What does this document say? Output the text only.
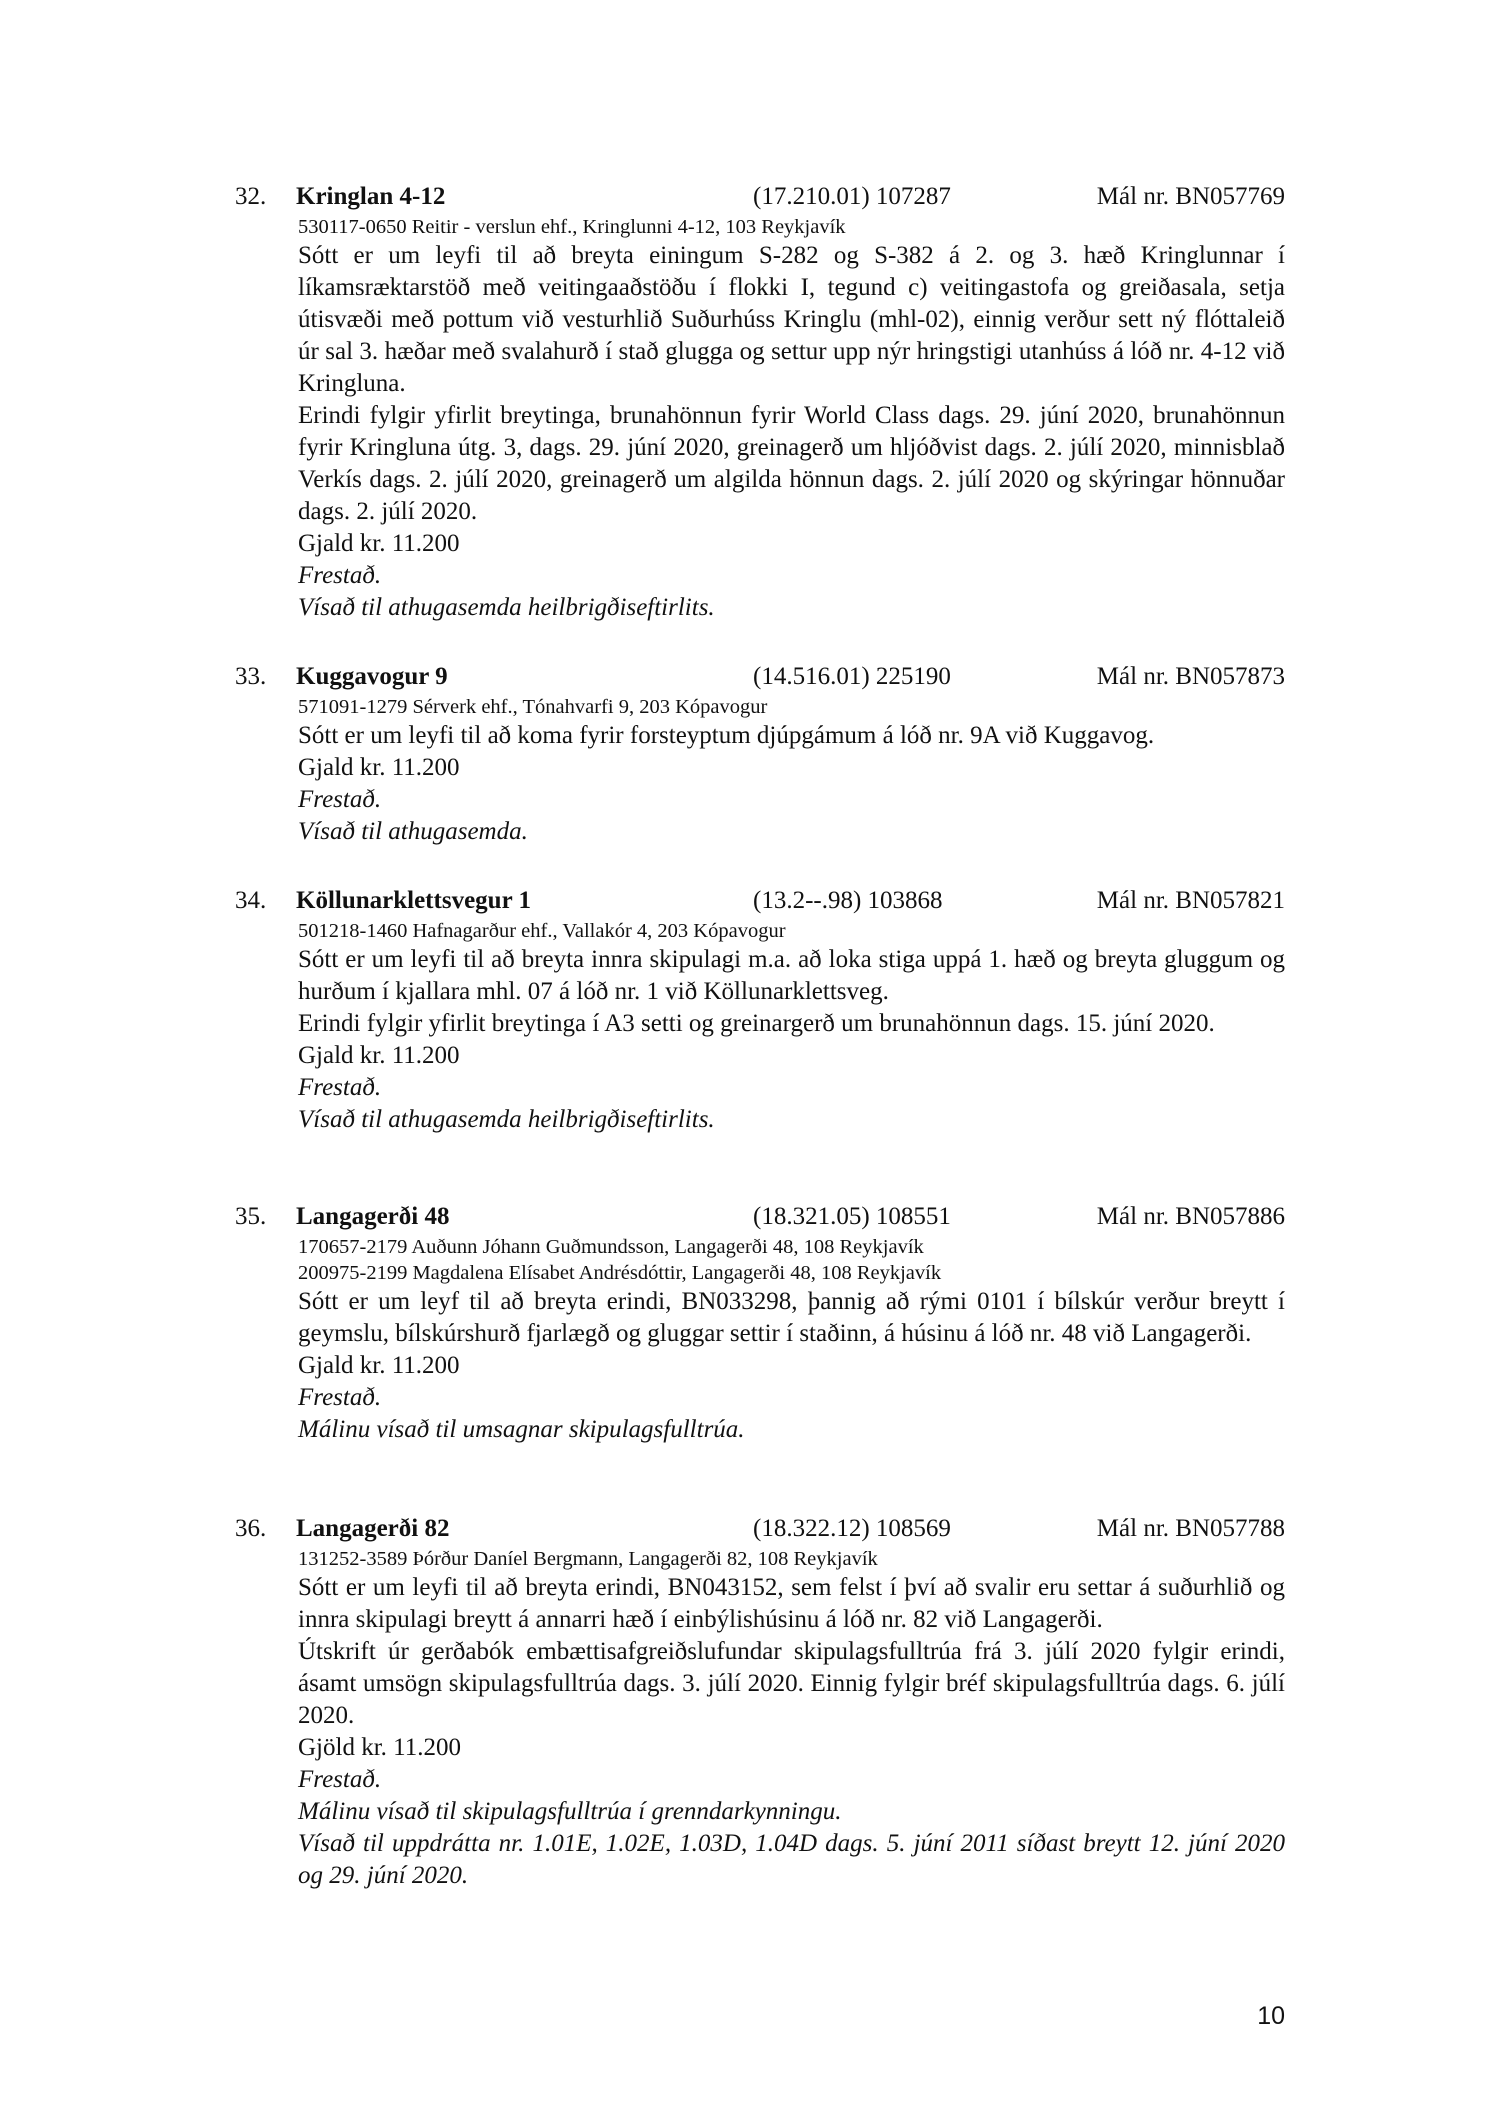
32. Kringlan 4-12	(17.210.01) 107287	Mál nr. BN057769
530117-0650 Reitir - verslun ehf., Kringlunni 4-12, 103 Reykjavík

Sótt er um leyfi til að breyta einingum S-282 og S-382 á 2. og 3. hæð Kringlunnar í líkamsræktarstöð með veitingaaðstöðu í flokki I, tegund c) veitingastofa og greiðasala, setja útisvæði með pottum við vesturhlið Suðurhúss Kringlu (mhl-02), einnig verður sett ný flóttaleið úr sal 3. hæðar með svalahurð í stað glugga og settur upp nýr hringstigi utanhúss á lóð nr. 4-12 við Kringluna.

Erindi fylgir yfirlit breytinga, brunahönnun fyrir World Class dags. 29. júní 2020, brunahönnun fyrir Kringluna útg. 3, dags. 29. júní 2020, greinagerð um hljóðvist dags. 2. júlí 2020, minnisblað Verkís dags. 2. júlí 2020, greinagerð um algilda hönnun dags. 2. júlí 2020 og skýringar hönnuðar dags. 2. júlí 2020.

Gjald kr. 11.200

Frestað.

Vísað til athugasemda heilbrigðiseftirlits.

33. Kuggavogur 9	(14.516.01) 225190	Mál nr. BN057873
571091-1279 Sérverk ehf., Tónahvarfi 9, 203 Kópavogur

Sótt er um leyfi til að koma fyrir forsteyptum djúpgámum á lóð nr. 9A við Kuggavog.

Gjald kr. 11.200

Frestað.

Vísað til athugasemda.

34. Köllunarklettsvegur 1	(13.2--.98) 103868	Mál nr. BN057821
501218-1460 Hafnagarður ehf., Vallakór 4, 203 Kópavogur

Sótt er um leyfi til að breyta innra skipulagi m.a. að loka stiga uppá 1. hæð og breyta gluggum og hurðum í kjallara mhl. 07 á lóð nr. 1 við Köllunarklettsveg.

Erindi fylgir yfirlit breytinga í A3 setti og greinargerð um brunahönnun dags. 15. júní 2020.

Gjald kr. 11.200

Frestað.

Vísað til athugasemda heilbrigðiseftirlits.

35. Langagerði 48	(18.321.05) 108551	Mál nr. BN057886
170657-2179 Auðunn Jóhann Guðmundsson, Langagerði 48, 108 Reykjavík
200975-2199 Magdalena Elísabet Andrésdóttir, Langagerði 48, 108 Reykjavík

Sótt er um leyf til að breyta erindi, BN033298, þannig að rými 0101 í bílskúr verður breytt í geymslu, bílskúrshurð fjarlægð og gluggar settir í staðinn, á húsinu á lóð nr. 48 við Langagerði.

Gjald kr. 11.200

Frestað.

Málinu vísað til umsagnar skipulagsfulltrúa.

36. Langagerði 82	(18.322.12) 108569	Mál nr. BN057788
131252-3589 Þórður Daníel Bergmann, Langagerði 82, 108 Reykjavík

Sótt er um leyfi til að breyta erindi, BN043152, sem felst í því að svalir eru settar á suðurhlið og innra skipulagi breytt á annarri hæð í einbýlishúsinu á lóð nr. 82 við Langagerði.

Útskrift úr gerðabók embættisafgreiðslufundar skipulagsfulltrúa frá 3. júlí 2020 fylgir erindi, ásamt umsögn skipulagsfulltrúa dags. 3. júlí 2020. Einnig fylgir bréf skipulagsfulltrúa dags. 6. júlí 2020.

Gjöld kr. 11.200

Frestað.

Málinu vísað til skipulagsfulltrúa í grenndarkynningu.

Vísað til uppdrátta nr. 1.01E, 1.02E, 1.03D, 1.04D dags. 5. júní 2011 síðast breytt 12. júní 2020 og 29. júní 2020.

10
